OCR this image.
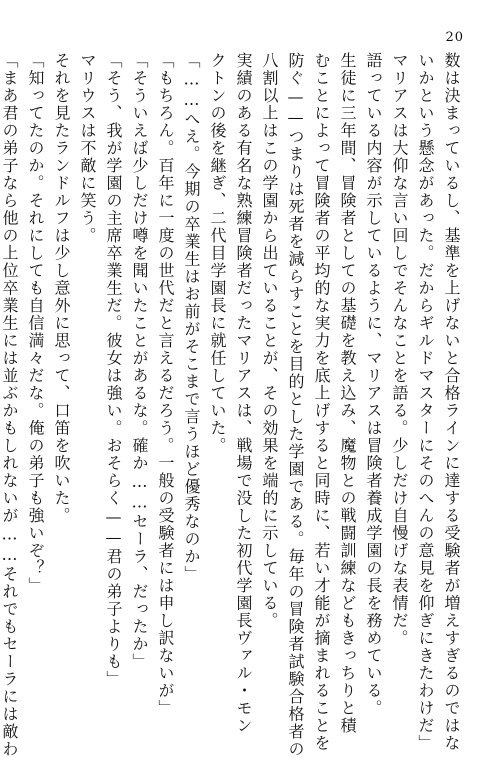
20
数は決まっているし、基準を上げないと合格ラインに達する受験者が増えすぎるのではな
いかという懸念があった。だからギルドマスターにそのへんの意見を仰ぎにきたわけだ」
マリアスは大仰な言い回しでそんなことを語る。少しだけ自慢げな表情だ。
語っている内容が示しているように、マリアスは冒険者養成学園の長を務めている。
生徒に三年間、冒険者としての基礎を教え込み、魔物との戦闘訓練などもきっちりと積
むことによって冒険者の平均的な実力を底上げすると同時に、若い才能が摘まれることを
防ぐ——つまりは死者を減らすことを目的とした学園である。毎年の冒険者試験合格者の
八割以上はこの学園から出ていることが、その効果を端的に示している。
実績のある有名な熟練冒険者だったマリアスは、戦場で没した初代学園長ヴァル・モン
クトンの後を継ぎ、二代目学園長に就任していた。
「……へえ。今期の卒業生はお前がそこまで言うほど優秀なのか」
「もちろん。百年に一度の世代だと言えるだろう。一般の受験者には申し訳ないが」
「そういえば少しだけ噂を聞いたことがあるな。確か……セーラ、だったか」
「そう、我が学園の主席卒業生だ。彼女は強い。おそらく——君の弟子よりも」
マリウスは不敵に笑う。
それを見たランドルフは少し意外に思って、口笛を吹いた。
「知ってたのか。それにしても自信満々だな。俺の弟子も強いぞ？」
「まあ君の弟子なら他の上位卒業生には並ぶかもしれないが……それでもセーラには敵わ
